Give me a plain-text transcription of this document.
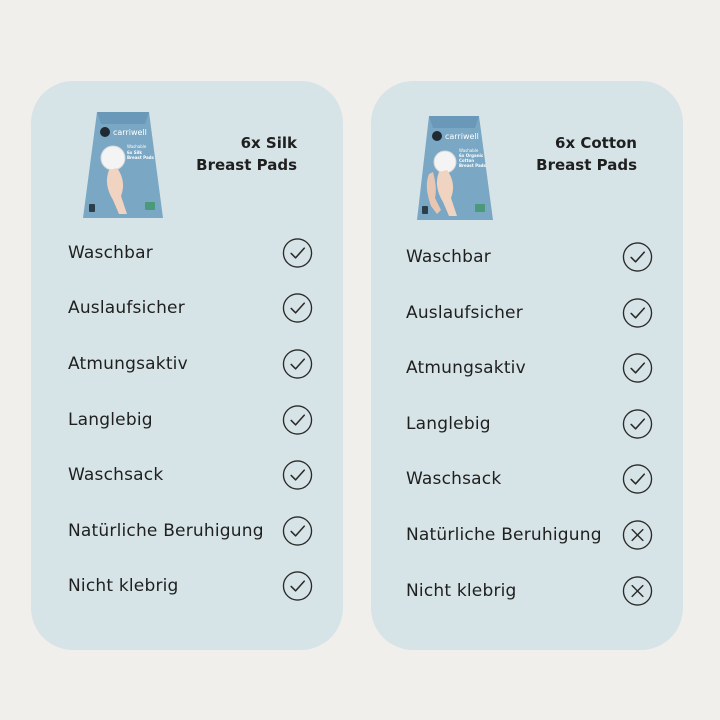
carriwell
Washable
6x Silk
Breast Pads
6x Silk
Breast Pads
Waschbar
Auslaufsicher
Atmungsaktiv
Langlebig
Waschsack
Natürliche Beruhigung
Nicht klebrig
carriwell
Washable
6x Organic
Cotton
Breast Pads
6x Cotton
Breast Pads
Waschbar
Auslaufsicher
Atmungsaktiv
Langlebig
Waschsack
Natürliche Beruhigung
Nicht klebrig
